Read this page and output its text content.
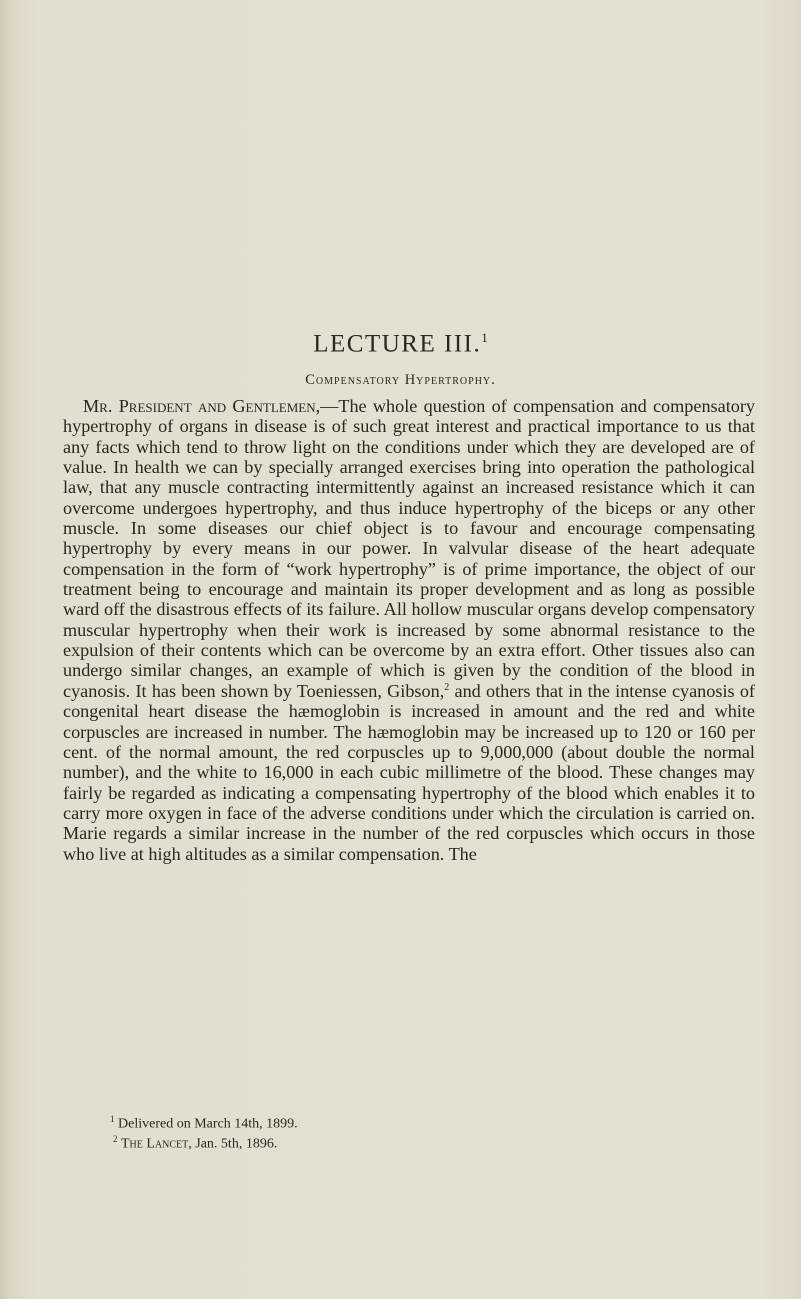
LECTURE III.$^1$
Compensatory Hypertrophy.
Mr. President and Gentlemen,—The whole question of compensation and compensatory hypertrophy of organs in disease is of such great interest and practical importance to us that any facts which tend to throw light on the conditions under which they are developed are of value. In health we can by specially arranged exercises bring into operation the pathological law, that any muscle contracting intermittently against an increased resistance which it can overcome undergoes hypertrophy, and thus induce hypertrophy of the biceps or any other muscle. In some diseases our chief object is to favour and encourage compensating hypertrophy by every means in our power. In valvular disease of the heart adequate compensation in the form of “work hypertrophy” is of prime importance, the object of our treatment being to encourage and maintain its proper development and as long as possible ward off the disastrous effects of its failure. All hollow muscular organs develop compensatory muscular hypertrophy when their work is increased by some abnormal resistance to the expulsion of their contents which can be overcome by an extra effort. Other tissues also can undergo similar changes, an example of which is given by the condition of the blood in cyanosis. It has been shown by Toeniessen, Gibson,$^2$ and others that in the intense cyanosis of congenital heart disease the hæmoglobin is increased in amount and the red and white corpuscles are increased in number. The hæmoglobin may be increased up to 120 or 160 per cent. of the normal amount, the red corpuscles up to 9,000,000 (about double the normal number), and the white to 16,000 in each cubic millimetre of the blood. These changes may fairly be regarded as indicating a compensating hypertrophy of the blood which enables it to carry more oxygen in face of the adverse conditions under which the circulation is carried on. Marie regards a similar increase in the number of the red corpuscles which occurs in those who live at high altitudes as a similar compensation. The
$^1$ Delivered on March 14th, 1899.
$^2$ The Lancet, Jan. 5th, 1896.
